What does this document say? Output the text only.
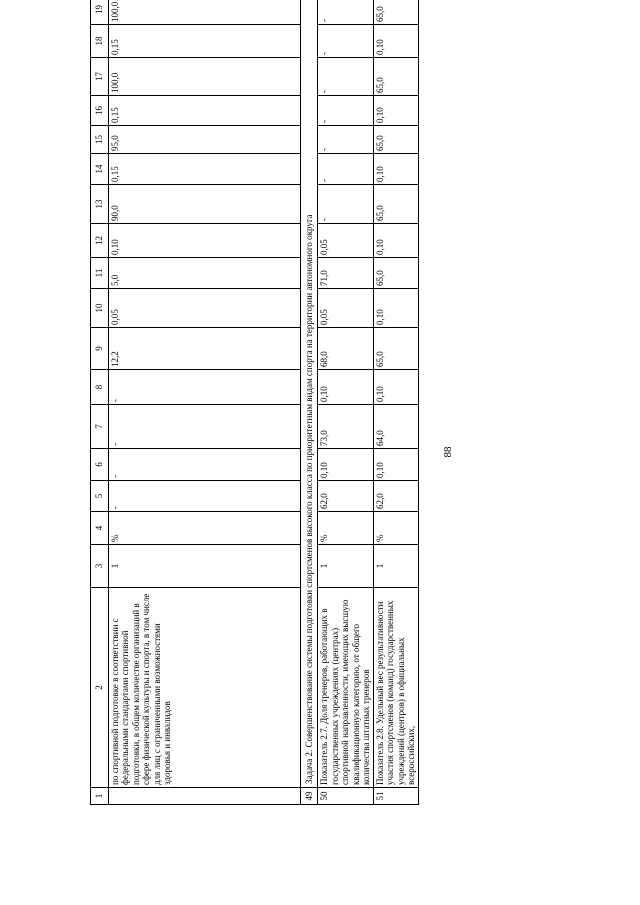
88
1	2	3	4	5	6	7	8	9	10	11	12	13	14	15	16	17	18	19	
	по спортивной подготовке в соответствии с федеральными стандартами спортивной подготовки, в общем количестве организаций в сфере физической культуры и спорта, в том числе для лиц с ограниченными возможностями здоровья и инвалидов	1	%	-	-	-	-	12,2	0,05	5,0	0,10	90,0	0,15	95,0	0,15	100,0	0,15	100,0	
49	Задача 2. Совершенствование системы подготовки спортсменов высокого класса по приоритетным видам спорта на территории автономного округа																		
50	Показатель 2.7. Доля тренеров, работающих в государственных учреждениях (центрах) спортивной направленности, имеющих высшую квалификационную категорию, от общего количества штатных тренеров	1	%	62,0	0,10	73,0	0,10	68,0	0,05	71,0	0,05	-	-	-	-	-	-	-	
51	Показатель 2.8. Удельный вес результативности участия спортсменов (команд) государственных учреждений (центров) в официальных всероссийских,	1	%	62,0	0,10	64,0	0,10	65,0	0,10	65,0	0,10	65,0	0,10	65,0	0,10	65,0	0,10	65,0	
